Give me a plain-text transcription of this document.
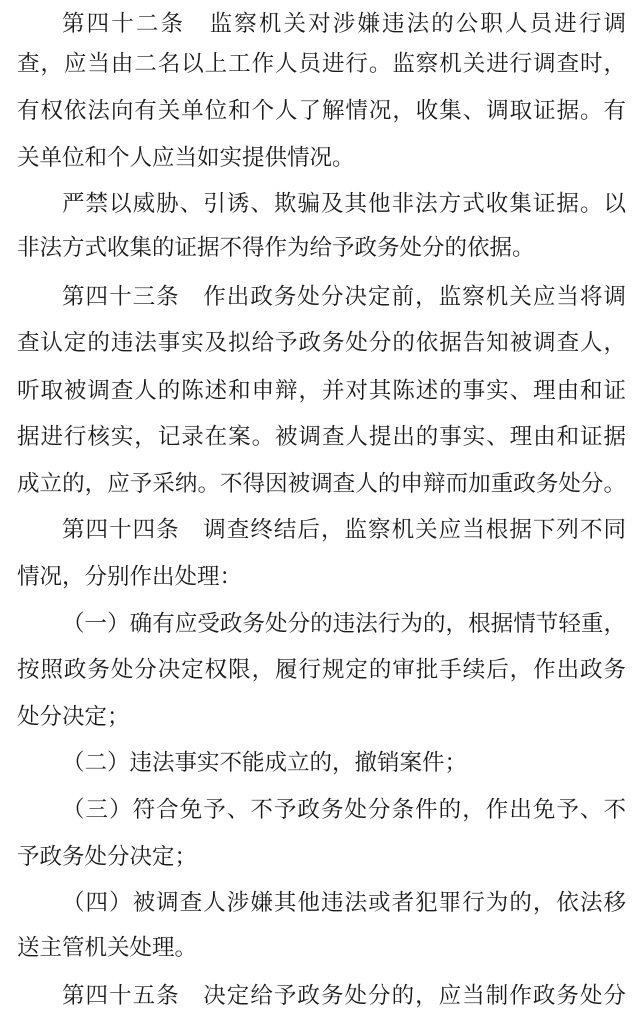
第四十二条　监察机关对涉嫌违法的公职人员进行调
查，应当由二名以上工作人员进行。监察机关进行调查时，
有权依法向有关单位和个人了解情况，收集、调取证据。有
关单位和个人应当如实提供情况。
严禁以威胁、引诱、欺骗及其他非法方式收集证据。以
非法方式收集的证据不得作为给予政务处分的依据。
第四十三条　作出政务处分决定前，监察机关应当将调
查认定的违法事实及拟给予政务处分的依据告知被调查人，
听取被调查人的陈述和申辩，并对其陈述的事实、理由和证
据进行核实，记录在案。被调查人提出的事实、理由和证据
成立的，应予采纳。不得因被调查人的申辩而加重政务处分。
第四十四条　调查终结后，监察机关应当根据下列不同
情况，分别作出处理：
（一）确有应受政务处分的违法行为的，根据情节轻重，
按照政务处分决定权限，履行规定的审批手续后，作出政务
处分决定；
（二）违法事实不能成立的，撤销案件；
（三）符合免予、不予政务处分条件的，作出免予、不
予政务处分决定；
（四）被调查人涉嫌其他违法或者犯罪行为的，依法移
送主管机关处理。
第四十五条　决定给予政务处分的，应当制作政务处分
